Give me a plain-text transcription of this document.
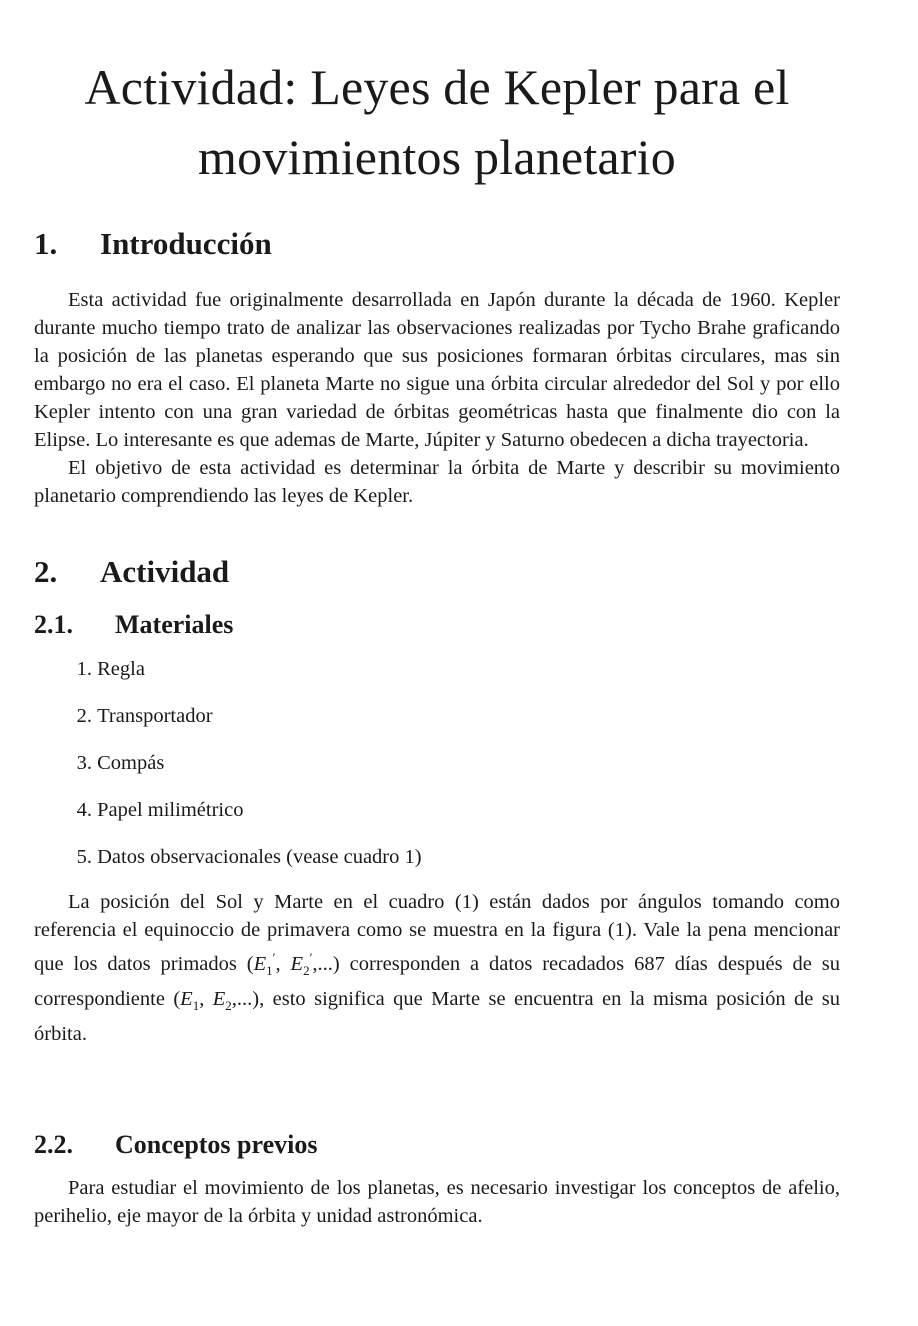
Actividad: Leyes de Kepler para el movimientos planetario
1.	Introducción

Esta actividad fue originalmente desarrollada en Japón durante la década de 1960. Kepler durante mucho tiempo trato de analizar las observaciones realizadas por Tycho Brahe graficando la posición de las planetas esperando que sus posiciones formaran órbitas circulares, mas sin embargo no era el caso. El planeta Marte no sigue una órbita circular alrededor del Sol y por ello Kepler intento con una gran variedad de órbitas geométricas hasta que finalmente dio con la Elipse. Lo interesante es que ademas de Marte, Júpiter y Saturno obedecen a dicha trayectoria.

El objetivo de esta actividad es determinar la órbita de Marte y describir su movimiento planetario comprendiendo las leyes de Kepler.

2.	Actividad
2.1.	Materiales
1.
Regla
2.
Transportador
3.
Compás
4.
Papel milimétrico
5.
Datos observacionales (vease cuadro 1)

La posición del Sol y Marte en el cuadro (1) están dados por ángulos tomando como referencia el equinoccio de primavera como se muestra en la figura (1). Vale la pena mencionar que los datos primados ($E_1'$, $E_2'$,...) corresponden a datos recadados 687 días después de su correspondiente ($E_1$, $E_2$,...), esto significa que Marte se encuentra en la misma posición de su órbita.

2.2.	Conceptos previos

Para estudiar el movimiento de los planetas, es necesario investigar los conceptos de afelio, perihelio, eje mayor de la órbita y unidad astronómica.
